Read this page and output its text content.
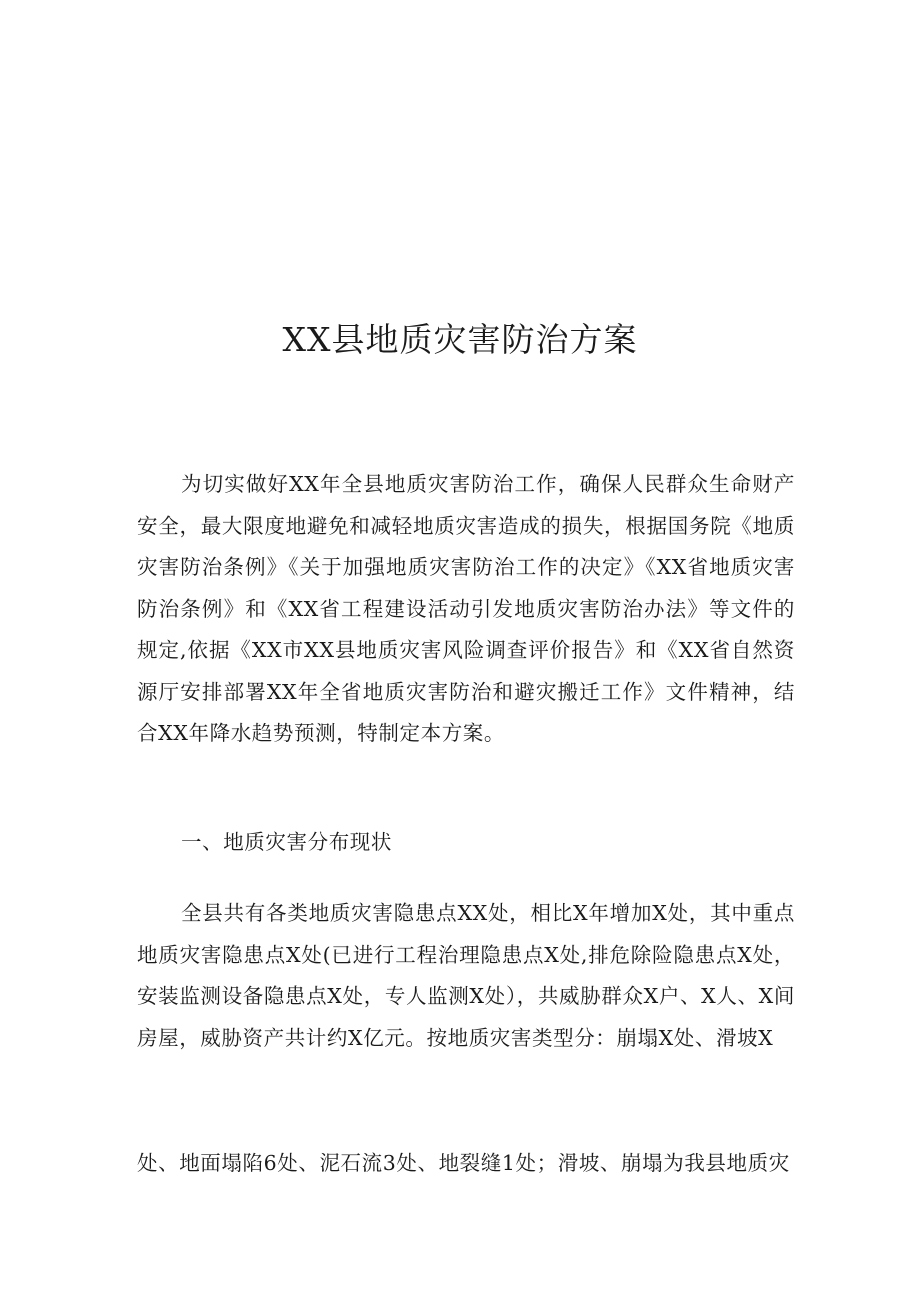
XX县地质灾害防治方案

为切实做好XX年全县地质灾害防治工作，确保人民群众生命财产安全，最大限度地避免和减轻地质灾害造成的损失，根据国务院《地质灾害防治条例》《关于加强地质灾害防治工作的决定》《XX省地质灾害防治条例》和《XX省工程建设活动引发地质灾害防治办法》等文件的规定,依据《XX市XX县地质灾害风险调查评价报告》和《XX省自然资源厅安排部署XX年全省地质灾害防治和避灾搬迁工作》文件精神，结合XX年降水趋势预测，特制定本方案。

一、地质灾害分布现状

全县共有各类地质灾害隐患点XX处，相比X年增加X处，其中重点地质灾害隐患点X处(已进行工程治理隐患点X处,排危除险隐患点X处，安装监测设备隐患点X处，专人监测X处），共威胁群众X户、X人、X间房屋，威胁资产共计约X亿元。按地质灾害类型分：崩塌X处、滑坡X

处、地面塌陷6处、泥石流3处、地裂缝1处；滑坡、崩塌为我县地质灾
